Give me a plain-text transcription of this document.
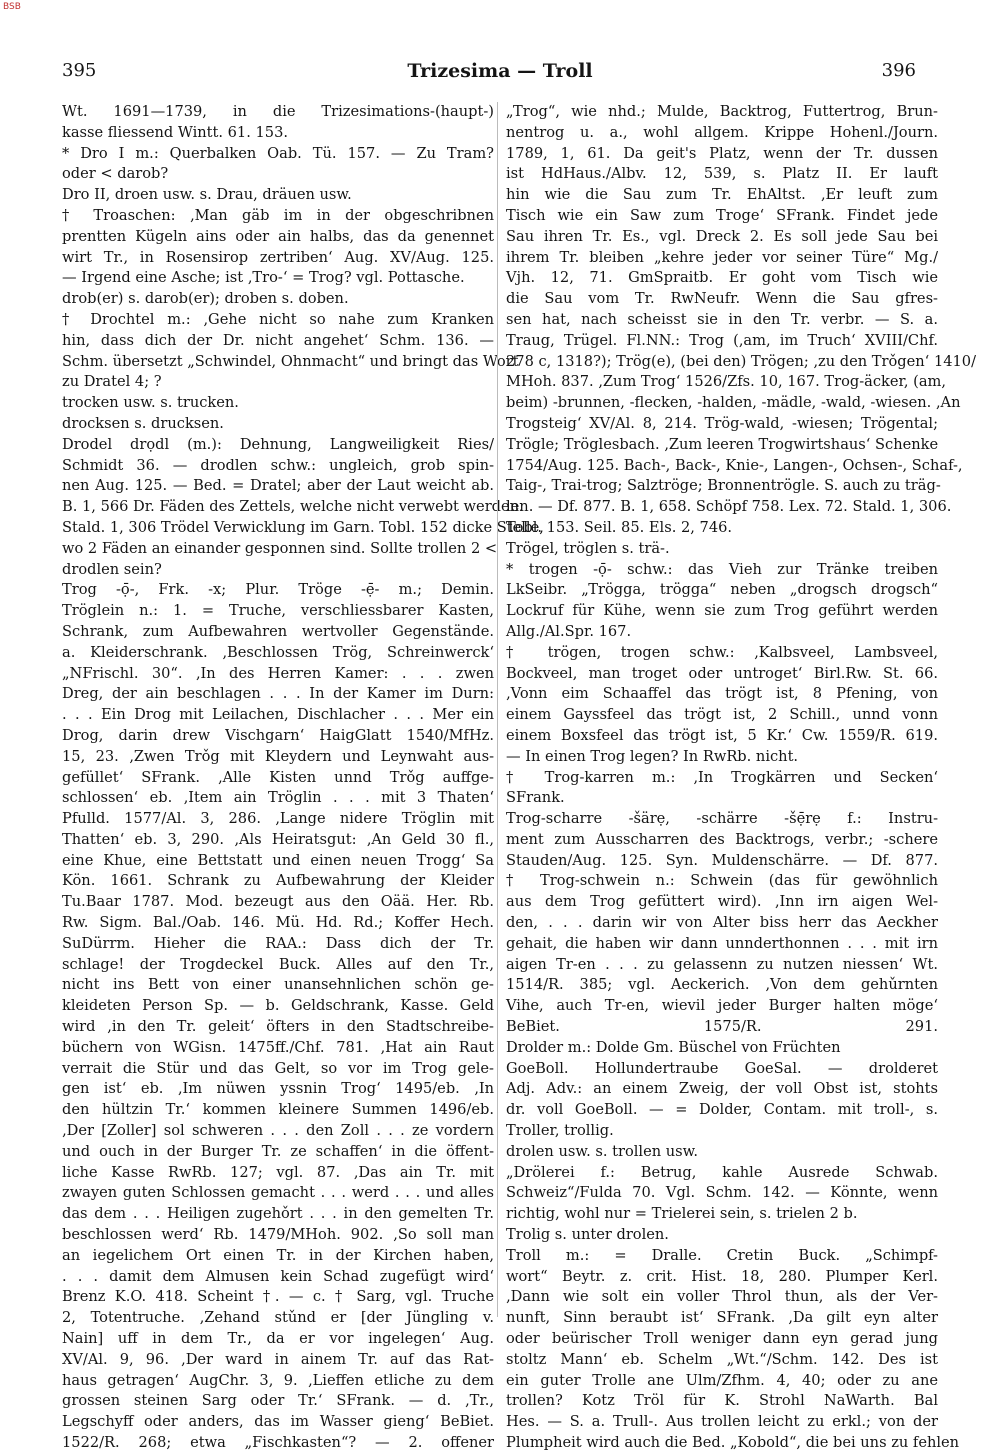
BSB
395	Trizesima — Troll	396
Wt. 1691—1739, in die Trizesimations-(haupt-)
kasse fliessend Wintt. 61. 153.
* Dro I m.: Querbalken Oab. Tü. 157. — Zu Tram?
oder < darob?
Dro II, droen usw. s. Drau, dräuen usw.
† Troaschen: ‚Man gäb im in der obgeschribnen
prentten Kügeln ains oder ain halbs, das da genennet
wirt Tr., in Rosensirop zertriben‘ Aug. XV/Aug. 125.
— Irgend eine Asche; ist ‚Tro-‘ = Trog? vgl. Pottasche.
drob(er) s. darob(er); droben s. doben.
† Drochtel m.: ‚Gehe nicht so nahe zum Kranken
hin, dass dich der Dr. nicht angehet‘ Schm. 136. —
Schm. übersetzt „Schwindel, Ohnmacht“ und bringt das Wort
zu Dratel 4; ?
trocken usw. s. trucken.
drocksen s. drucksen.
Drodel drọdl (m.): Dehnung, Langweiligkeit Ries/
Schmidt 36. — drodlen schw.: ungleich, grob spin-
nen Aug. 125. — Bed. = Dratel; aber der Laut weicht ab.
B. 1, 566 Dr. Fäden des Zettels, welche nicht verwebt werden.
Stald. 1, 306 Trödel Verwicklung im Garn. Tobl. 152 dicke Stelle,
wo 2 Fäden an einander gesponnen sind. Sollte trollen 2 <
drodlen sein?
Trog -ọ̄-, Frk. -x; Plur. Tröge -ẹ̄- m.; Demin.
Tröglein n.: 1. = Truche, verschliessbarer Kasten,
Schrank, zum Aufbewahren wertvoller Gegenstände.
a. Kleiderschrank. ‚Beschlossen Trög, Schreinwerck‘
„NFrischl. 30“. ‚In des Herren Kamer: . . . zwen
Dreg, der ain beschlagen . . . In der Kamer im Durn:
. . . Ein Drog mit Leilachen, Dischlacher . . . Mer ein
Drog, darin drew Vischgarn‘ HaigGlatt 1540/MfHz.
15, 23. ‚Zwen Trǒg mit Kleydern und Leynwaht aus-
gefüllet‘ SFrank. ‚Alle Kisten unnd Trǒg auffge-
schlossen‘ eb. ‚Item ain Tröglin . . . mit 3 Thaten‘
Pfulld. 1577/Al. 3, 286. ‚Lange nidere Tröglin mit
Thatten‘ eb. 3, 290. ‚Als Heiratsgut: ‚An Geld 30 fl.,
eine Khue, eine Bettstatt und einen neuen Trogg‘ Sa
Kön. 1661. Schrank zu Aufbewahrung der Kleider
Tu.Baar 1787. Mod. bezeugt aus den Oää. Her. Rb.
Rw. Sigm. Bal./Oab. 146. Mü. Hd. Rd.; Koffer Hech.
SuDürrm. Hieher die RAA.: Dass dich der Tr.
schlage! der Trogdeckel Buck. Alles auf den Tr.,
nicht ins Bett von einer unansehnlichen schön ge-
kleideten Person Sp. — b. Geldschrank, Kasse. Geld
wird ‚in den Tr. geleit‘ öfters in den Stadtschreibe-
büchern von WGisn. 1475ff./Chf. 781. ‚Hat ain Raut
verrait die Stür und das Gelt, so vor im Trog gele-
gen ist‘ eb. ‚Im nüwen yssnin Trog‘ 1495/eb. ‚In
den hültzin Tr.‘ kommen kleinere Summen 1496/eb.
‚Der [Zoller] sol schweren . . . den Zoll . . . ze vordern
und ouch in der Burger Tr. ze schaffen‘ in die öffent-
liche Kasse RwRb. 127; vgl. 87. ‚Das ain Tr. mit
zwayen guten Schlossen gemacht . . . werd . . . und alles
das dem . . . Heiligen zugehǒrt . . . in den gemelten Tr.
beschlossen werd‘ Rb. 1479/MHoh. 902. ‚So soll man
an iegelichem Ort einen Tr. in der Kirchen haben,
. . . damit dem Almusen kein Schad zugefügt wird‘
Brenz K.O. 418. Scheint †. — c. † Sarg, vgl. Truche
2, Totentruche. ‚Zehand stǔnd er [der Jüngling v.
Nain] uff in dem Tr., da er vor ingelegen‘ Aug.
XV/Al. 9, 96. ‚Der ward in ainem Tr. auf das Rat-
haus getragen‘ AugChr. 3, 9. ‚Lieffen etliche zu dem
grossen steinen Sarg oder Tr.‘ SFrank. — d. ‚Tr.,
Legschyff oder anders, das im Wasser gieng‘ BeBiet.
1522/R. 268; etwa „Fischkasten“? — 2. offener
„Trog“, wie nhd.; Mulde, Backtrog, Futtertrog, Brun-
nentrog u. a., wohl allgem. Krippe Hohenl./Journ.
1789, 1, 61. Da geit's Platz, wenn der Tr. dussen
ist HdHaus./Albv. 12, 539, s. Platz II. Er lauft
hin wie die Sau zum Tr. EhAltst. ‚Er leuft zum
Tisch wie ein Saw zum Troge‘ SFrank. Findet jede
Sau ihren Tr. Es., vgl. Dreck 2. Es soll jede Sau bei
ihrem Tr. bleiben „kehre jeder vor seiner Türe“ Mg./
Vjh. 12, 71. GmSpraitb. Er goht vom Tisch wie
die Sau vom Tr. RwNeufr. Wenn die Sau gfres-
sen hat, nach scheisst sie in den Tr. verbr. — S. a.
Traug, Trügel. Fl.NN.: Trog (‚am, im Truch‘ XVIII/Chf.
278 c, 1318?); Trög(e), (bei den) Trögen; ‚zu den Trǒgen‘ 1410/
MHoh. 837. ‚Zum Trog‘ 1526/Zfs. 10, 167. Trog-äcker, (am,
beim) -brunnen, -flecken, -halden, -mädle, -wald, -wiesen. ‚An
Trogsteig‘ XV/Al. 8, 214. Trög-wald, -wiesen; Trögental;
Trögle; Tröglesbach. ‚Zum leeren Trogwirtshaus‘ Schenke
1754/Aug. 125. Bach-, Back-, Knie-, Langen-, Ochsen-, Schaf-,
Taig-, Trai-trog; Salztröge; Bronnentrögle. S. auch zu träg-
len. — Df. 877. B. 1, 658. Schöpf 758. Lex. 72. Stald. 1, 306.
Tobl. 153. Seil. 85. Els. 2, 746.
Trögel, tröglen s. trä-.
* trogen -ọ̄- schw.: das Vieh zur Tränke treiben
LkSeibr. „Trögga, trögga“ neben „drogsch drogsch“
Lockruf für Kühe, wenn sie zum Trog geführt werden
Allg./Al.Spr. 167.
† trögen, trogen schw.: ‚Kalbsveel, Lambsveel,
Bockveel, man troget oder untroget‘ Birl.Rw. St. 66.
‚Vonn eim Schaaffel das trögt ist, 8 Pfening, von
einem Gayssfeel das trögt ist, 2 Schill., unnd vonn
einem Boxsfeel das trögt ist, 5 Kr.‘ Cw. 1559/R. 619.
— In einen Trog legen? In RwRb. nicht.
† Trog-karren m.: ‚In Trogkärren und Secken‘
SFrank.
Trog-scharre -šärẹ, -schärre -šẹ̄rẹ f.: Instru-
ment zum Ausscharren des Backtrogs, verbr.; -schere
Stauden/Aug. 125. Syn. Muldenschärre. — Df. 877.
† Trog-schwein n.: Schwein (das für gewöhnlich
aus dem Trog gefüttert wird). ‚Inn irn aigen Wel-
den, . . . darin wir von Alter biss herr das Aeckher
gehait, die haben wir dann unnderthonnen . . . mit irn
aigen Tr-en . . . zu gelassenn zu nutzen niessen‘ Wt.
1514/R. 385; vgl. Aeckerich. ‚Von dem gehǔrnten
Vihe, auch Tr-en, wievil jeder Burger halten möge‘
BeBiet. 1575/R. 291.
Drolder m.: Dolde Gm. Büschel von Früchten
GoeBoll. Hollundertraube GoeSal. — drolderet
Adj. Adv.: an einem Zweig, der voll Obst ist, stohts
dr. voll GoeBoll. — = Dolder, Contam. mit troll-, s.
Troller, trollig.
drolen usw. s. trollen usw.
„Drölerei f.: Betrug, kahle Ausrede Schwab.
Schweiz“/Fulda 70. Vgl. Schm. 142. — Könnte, wenn
richtig, wohl nur = Trielerei sein, s. trielen 2 b.
Trolig s. unter drolen.
Troll m.: = Dralle. Cretin Buck. „Schimpf-
wort“ Beytr. z. crit. Hist. 18, 280. Plumper Kerl.
‚Dann wie solt ein voller Throl thun, als der Ver-
nunft, Sinn beraubt ist‘ SFrank. ‚Da gilt eyn alter
oder beürischer Troll weniger dann eyn gerad jung
stoltz Mann‘ eb. Schelm „Wt.“/Schm. 142. Des ist
ein guter Trolle ane Ulm/Zfhm. 4, 40; oder zu ane
trollen? Kotz Tröl für K. Strohl NaWarth. Bal
Hes. — S. a. Trull-. Aus trollen leicht zu erkl.; von der
Plumpheit wird auch die Bed. „Kobold“, die bei uns zu fehlen
